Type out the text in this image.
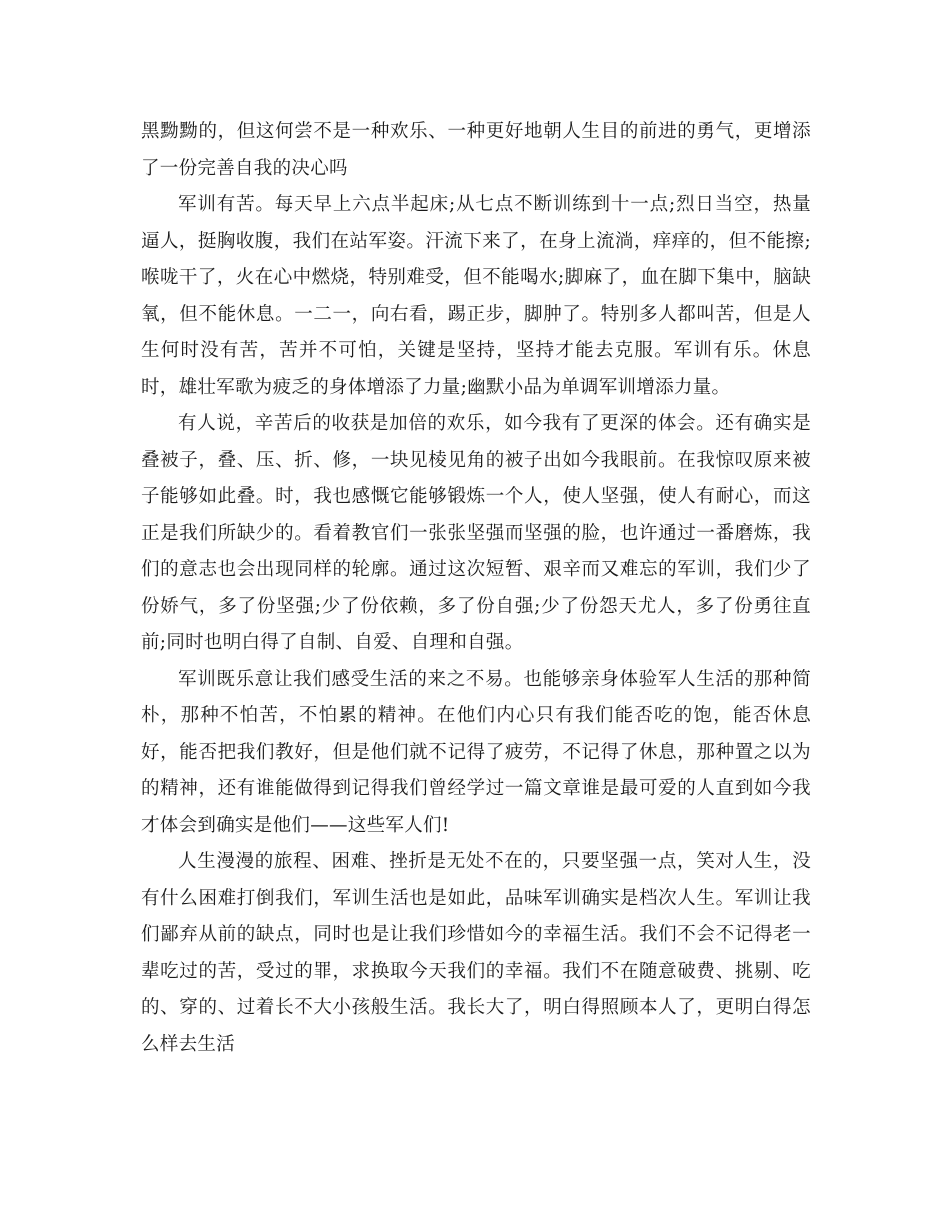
黑黝黝的，但这何尝不是一种欢乐、一种更好地朝人生目的前进的勇气，更增添了一份完善自我的决心吗

军训有苦。每天早上六点半起床;从七点不断训练到十一点;烈日当空，热量逼人，挺胸收腹，我们在站军姿。汗流下来了，在身上流淌，痒痒的，但不能擦;喉咙干了，火在心中燃烧，特别难受，但不能喝水;脚麻了，血在脚下集中，脑缺氧，但不能休息。一二一，向右看，踢正步，脚肿了。特别多人都叫苦，但是人生何时没有苦，苦并不可怕，关键是坚持，坚持才能去克服。军训有乐。休息时，雄壮军歌为疲乏的身体增添了力量;幽默小品为单调军训增添力量。

有人说，辛苦后的收获是加倍的欢乐，如今我有了更深的体会。还有确实是叠被子，叠、压、折、修，一块见棱见角的被子出如今我眼前。在我惊叹原来被子能够如此叠。时，我也感慨它能够锻炼一个人，使人坚强，使人有耐心，而这正是我们所缺少的。看着教官们一张张坚强而坚强的脸，也许通过一番磨炼，我们的意志也会出现同样的轮廓。通过这次短暂、艰辛而又难忘的军训，我们少了份娇气，多了份坚强;少了份依赖，多了份自强;少了份怨天尤人，多了份勇往直前;同时也明白得了自制、自爱、自理和自强。

军训既乐意让我们感受生活的来之不易。也能够亲身体验军人生活的那种简朴，那种不怕苦，不怕累的精神。在他们内心只有我们能否吃的饱，能否休息好，能否把我们教好，但是他们就不记得了疲劳，不记得了休息，那种置之以为的精神，还有谁能做得到记得我们曾经学过一篇文章谁是最可爱的人直到如今我才体会到确实是他们——这些军人们!

人生漫漫的旅程、困难、挫折是无处不在的，只要坚强一点，笑对人生，没有什么困难打倒我们，军训生活也是如此，品味军训确实是档次人生。军训让我们鄙弃从前的缺点，同时也是让我们珍惜如今的幸福生活。我们不会不记得老一辈吃过的苦，受过的罪，求换取今天我们的幸福。我们不在随意破费、挑剔、吃的、穿的、过着长不大小孩般生活。我长大了，明白得照顾本人了，更明白得怎么样去生活
